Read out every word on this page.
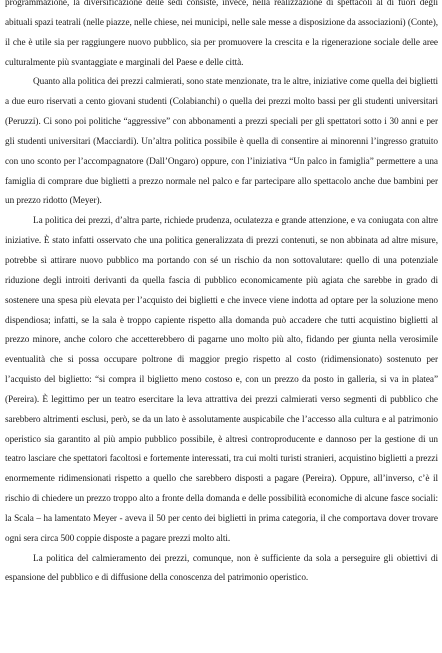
programmazione, la diversificazione delle sedi consiste, invece, nella realizzazione di spettacoli al di fuori degli abituali spazi teatrali (nelle piazze, nelle chiese, nei municipi, nelle sale messe a disposizione da associazioni) (Conte), il che è utile sia per raggiungere nuovo pubblico, sia per promuovere la crescita e la rigenerazione sociale delle aree culturalmente più svantaggiate e marginali del Paese e delle città.

Quanto alla politica dei prezzi calmierati, sono state menzionate, tra le altre, iniziative come quella dei biglietti a due euro riservati a cento giovani studenti (Colabianchi) o quella dei prezzi molto bassi per gli studenti universitari (Peruzzi). Ci sono poi politiche “aggressive” con abbonamenti a prezzi speciali per gli spettatori sotto i 30 anni e per gli studenti universitari (Macciardi). Un’altra politica possibile è quella di consentire ai minorenni l’ingresso gratuito con uno sconto per l’accompagnatore (Dall’Ongaro) oppure, con l’iniziativa “Un palco in famiglia” permettere a una famiglia di comprare due biglietti a prezzo normale nel palco e far partecipare allo spettacolo anche due bambini per un prezzo ridotto (Meyer).

La politica dei prezzi, d’altra parte, richiede prudenza, oculatezza e grande attenzione, e va coniugata con altre iniziative. È stato infatti osservato che una politica generalizzata di prezzi contenuti, se non abbinata ad altre misure, potrebbe sì attirare nuovo pubblico ma portando con sé un rischio da non sottovalutare: quello di una potenziale riduzione degli introiti derivanti da quella fascia di pubblico economicamente più agiata che sarebbe in grado di sostenere una spesa più elevata per l’acquisto dei biglietti e che invece viene indotta ad optare per la soluzione meno dispendiosa; infatti, se la sala è troppo capiente rispetto alla domanda può accadere che tutti acquistino biglietti al prezzo minore, anche coloro che accetterebbero di pagarne uno molto più alto, fidando per giunta nella verosimile eventualità che si possa occupare poltrone di maggior pregio rispetto al costo (ridimensionato) sostenuto per l’acquisto del biglietto: “si compra il biglietto meno costoso e, con un prezzo da posto in galleria, si va in platea” (Pereira). È legittimo per un teatro esercitare la leva attrattiva dei prezzi calmierati verso segmenti di pubblico che sarebbero altrimenti esclusi, però, se da un lato è assolutamente auspicabile che l’accesso alla cultura e al patrimonio operistico sia garantito al più ampio pubblico possibile, è altresì controproducente e dannoso per la gestione di un teatro lasciare che spettatori facoltosi e fortemente interessati, tra cui molti turisti stranieri, acquistino biglietti a prezzi enormemente ridimensionati rispetto a quello che sarebbero disposti a pagare (Pereira). Oppure, all’inverso, c’è il rischio di chiedere un prezzo troppo alto a fronte della domanda e delle possibilità economiche di alcune fasce sociali: la Scala – ha lamentato Meyer - aveva il 50 per cento dei biglietti in prima categoria, il che comportava dover trovare ogni sera circa 500 coppie disposte a pagare prezzi molto alti.

La politica del calmieramento dei prezzi, comunque, non è sufficiente da sola a perseguire gli obiettivi di espansione del pubblico e di diffusione della conoscenza del patrimonio operistico.
